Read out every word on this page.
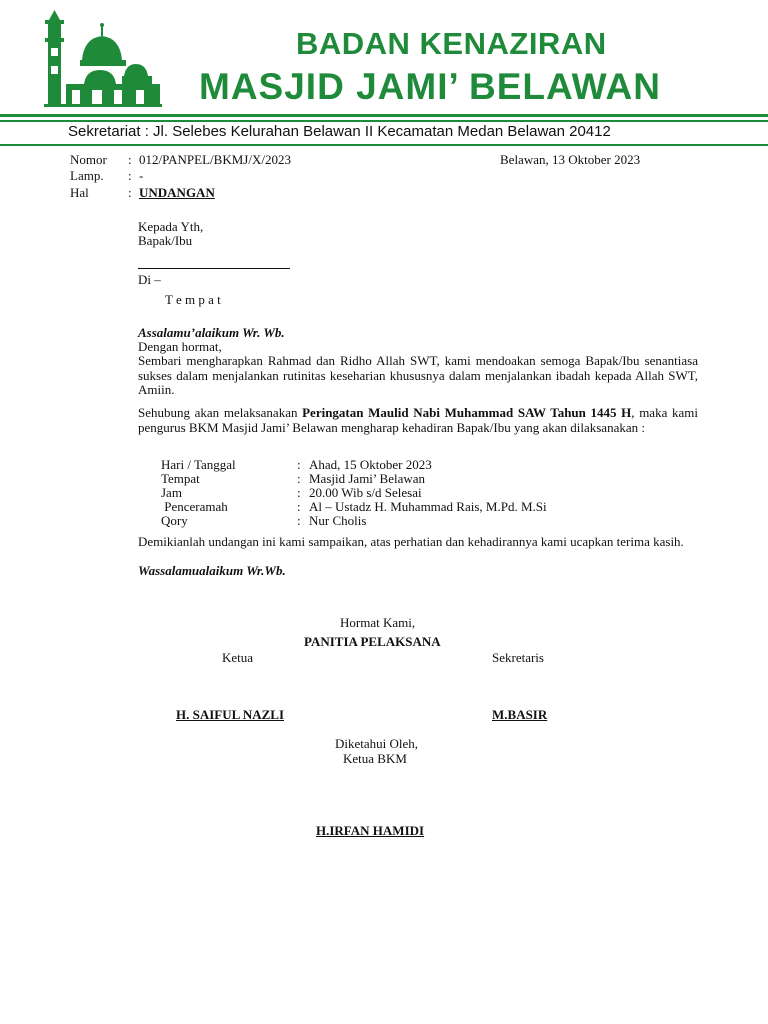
BADAN KENAZIRAN
MASJID JAMI’ BELAWAN
Sekretariat : Jl. Selebes Kelurahan Belawan II Kecamatan Medan Belawan 20412
Nomor : 012/PANPEL/BKMJ/X/2023	Belawan, 13 Oktober 2023
Lamp. : -
Hal	: UNDANGAN
Kepada Yth,
Bapak/Ibu
Di –
T e m p a t
Assalamu’alaikum Wr. Wb.
Dengan hormat,
Sembari mengharapkan Rahmad dan Ridho Allah SWT, kami mendoakan semoga Bapak/Ibu senantiasa sukses dalam menjalankan rutinitas keseharian khususnya dalam menjalankan ibadah kepada Allah SWT, Amiin.
Sehubung akan melaksanakan Peringatan Maulid Nabi Muhammad SAW Tahun 1445 H, maka kami pengurus BKM Masjid Jami’ Belawan mengharap kehadiran Bapak/Ibu yang akan dilaksanakan :
Hari / Tanggal	: Ahad, 15 Oktober 2023
Tempat	: Masjid Jami’ Belawan
Jam	: 20.00 Wib s/d Selesai
Penceramah	: Al – Ustadz H. Muhammad Rais, M.Pd. M.Si
Qory	: Nur Cholis
Demikianlah undangan ini kami sampaikan, atas perhatian dan kehadirannya kami ucapkan terima kasih.
Wassalamualaikum Wr.Wb.
Hormat Kami,
PANITIA PELAKSANA
Ketua	Sekretaris
H. SAIFUL NAZLI	M.BASIR
Diketahui Oleh,
Ketua BKM
H.IRFAN HAMIDI
